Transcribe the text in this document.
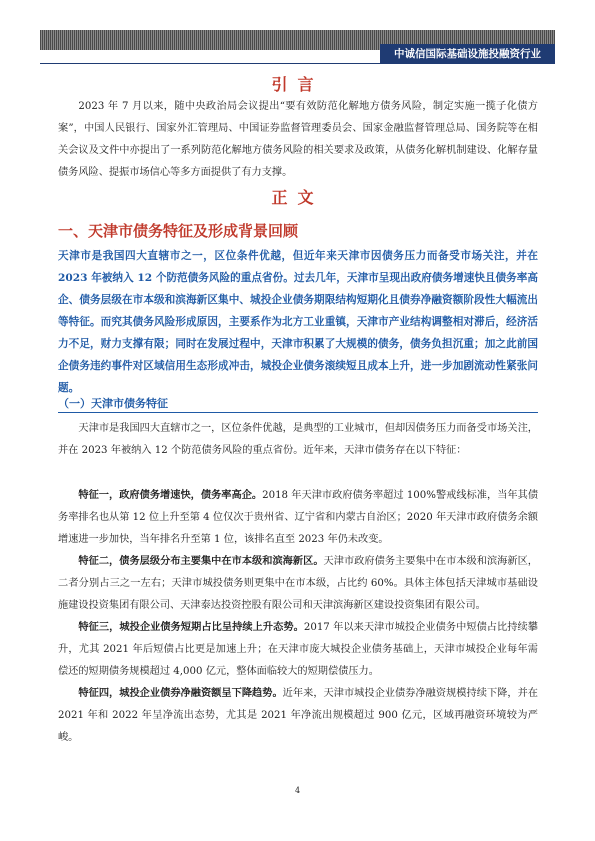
中诚信国际基础设施投融资行业
引言

2023 年 7 月以来，随中央政治局会议提出“要有效防范化解地方债务风险，制定实施一揽子化债方案”，中国人民银行、国家外汇管理局、中国证券监督管理委员会、国家金融监督管理总局、国务院等在相关会议及文件中亦提出了一系列防范化解地方债务风险的相关要求及政策，从债务化解机制建设、化解存量债务风险、提振市场信心等多方面提供了有力支撑。

正文
一、天津市债务特征及形成背景回顾

天津市是我国四大直辖市之一，区位条件优越，但近年来天津市因债务压力而备受市场关注，并在 2023 年被纳入 12 个防范债务风险的重点省份。过去几年，天津市呈现出政府债务增速快且债务率高企、债务层级在市本级和滨海新区集中、城投企业债务期限结构短期化且债券净融资额阶段性大幅流出等特征。而究其债务风险形成原因，主要系作为北方工业重镇，天津市产业结构调整相对滞后，经济活力不足，财力支撑有限；同时在发展过程中，天津市积累了大规模的债务，债务负担沉重；加之此前国企债务违约事件对区域信用生态形成冲击，城投企业债务滚续短且成本上升，进一步加剧流动性紧张问题。

（一）天津市债务特征

天津市是我国四大直辖市之一，区位条件优越，是典型的工业城市，但却因债务压力而备受市场关注，并在 2023 年被纳入 12 个防范债务风险的重点省份。近年来，天津市债务存在以下特征：

特征一，政府债务增速快，债务率高企。2018 年天津市政府债务率超过 100%警戒线标准，当年其债务率排名也从第 12 位上升至第 4 位仅次于贵州省、辽宁省和内蒙古自治区；2020 年天津市政府债务余额增速进一步加快，当年排名升至第 1 位，该排名直至 2023 年仍未改变。

特征二，债务层级分布主要集中在市本级和滨海新区。天津市政府债务主要集中在市本级和滨海新区，二者分别占三之一左右；天津市城投债务则更集中在市本级，占比约 60%。具体主体包括天津城市基础设施建设投资集团有限公司、天津泰达投资控股有限公司和天津滨海新区建设投资集团有限公司。

特征三，城投企业债务短期占比呈持续上升态势。2017 年以来天津市城投企业债务中短债占比持续攀升，尤其 2021 年后短债占比更是加速上升；在天津市庞大城投企业债务基础上，天津市城投企业每年需偿还的短期债务规模超过 4,000 亿元，整体面临较大的短期偿债压力。

特征四，城投企业债券净融资额呈下降趋势。近年来，天津市城投企业债券净融资规模持续下降，并在 2021 年和 2022 年呈净流出态势，尤其是 2021 年净流出规模超过 900 亿元，区域再融资环境较为严峻。

4
